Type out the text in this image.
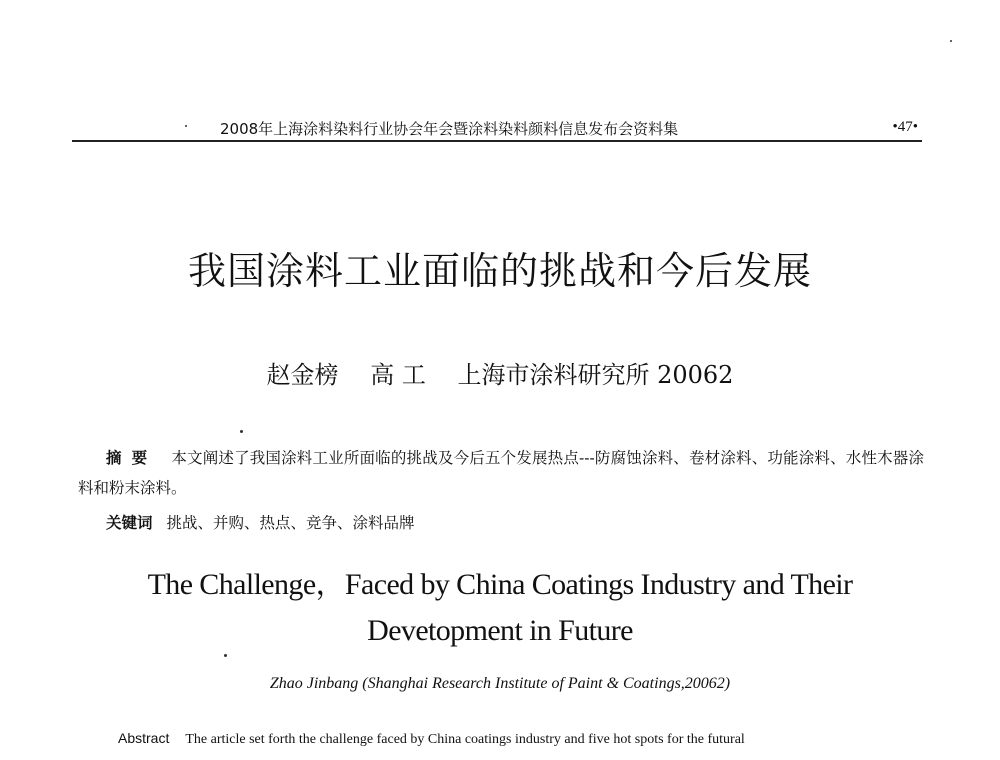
2008年上海涂料染料行业协会年会暨涂料染料颜料信息发布会资料集	•47•
我国涂料工业面临的挑战和今后发展
赵金榜 高 工 上海市涂料研究所 20062
摘要 本文阐述了我国涂料工业所面临的挑战及今后五个发展热点---防腐蚀涂料、卷材涂料、功能涂料、水性木器涂料和粉末涂料。
关键词 挑战、并购、热点、竞争、涂料品牌
The Challenge，Faced by China Coatings Industry and Their
Devetopment in Future
Zhao Jinbang (Shanghai Research Institute of Paint & Coatings,20062)
Abstract The article set forth the challenge faced by China coatings industry and five hot spots for the futural
